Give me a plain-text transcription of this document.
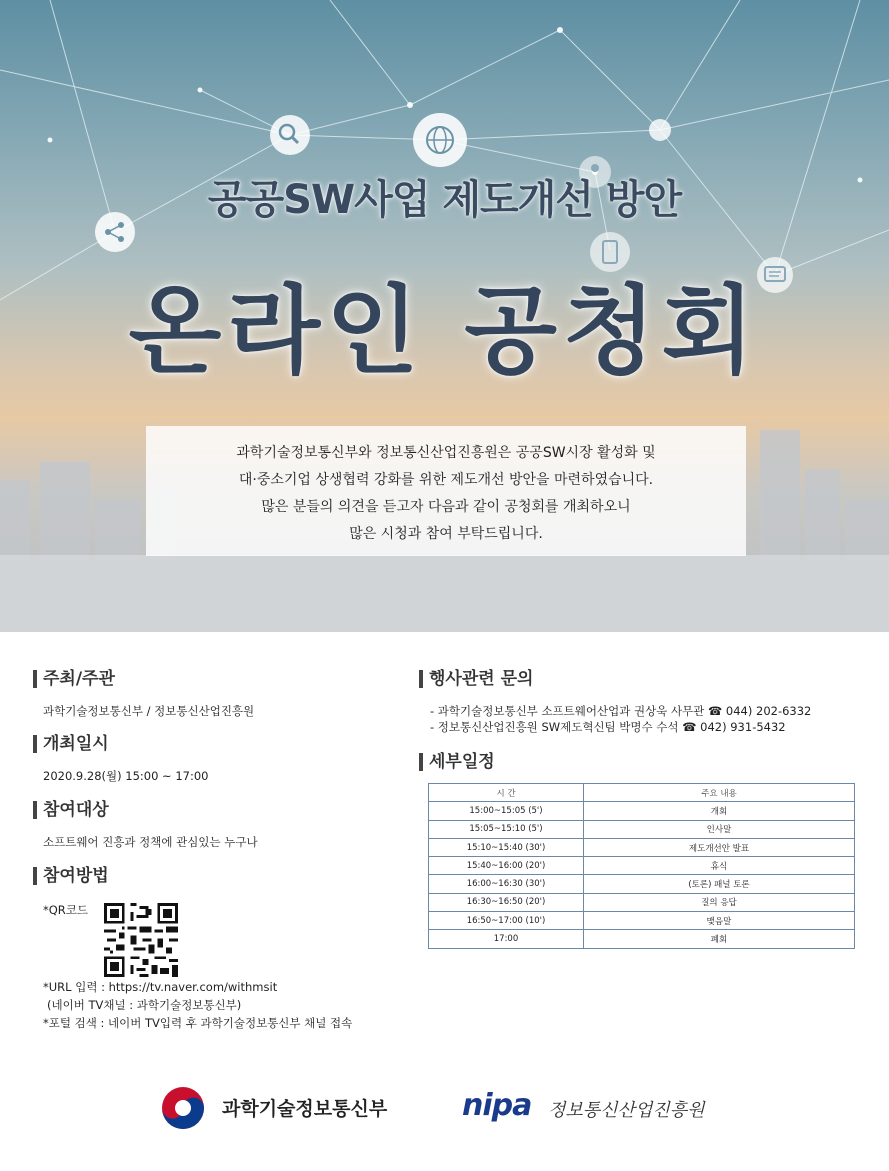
공공SW사업 제도개선 방안
온라인 공청회
과학기술정보통신부와 정보통신산업진흥원은 공공SW시장 활성화 및
대·중소기업 상생협력 강화를 위한 제도개선 방안을 마련하였습니다.
많은 분들의 의견을 듣고자 다음과 같이 공청회를 개최하오니
많은 시청과 참여 부탁드립니다.
주최/주관
과학기술정보통신부 / 정보통신산업진흥원
개최일시
2020.9.28(월) 15:00 ~ 17:00
참여대상
소프트웨어 진흥과 정책에 관심있는 누구나
참여방법
*QR코드
*URL 입력 : https://tv.naver.com/withmsit
(네이버 TV채널 : 과학기술정보통신부)
*포털 검색 : 네이버 TV입력 후 과학기술정보통신부 채널 접속
행사관련 문의
- 과학기술정보통신부 소프트웨어산업과 권상욱 사무관 ☎ 044) 202-6332
- 정보통신산업진흥원 SW제도혁신팀 박명수 수석 ☎ 042) 931-5432
세부일정
시 간	주요 내용
15:00~15:05 (5')	개회
15:05~15:10 (5')	인사말
15:10~15:40 (30')	제도개선안 발표
15:40~16:00 (20')	휴식
16:00~16:30 (30')	(토론) 패널 토론
16:30~16:50 (20')	질의 응답
16:50~17:00 (10')	맺음말
17:00	폐회
과학기술정보통신부 nipa 정보통신산업진흥원
